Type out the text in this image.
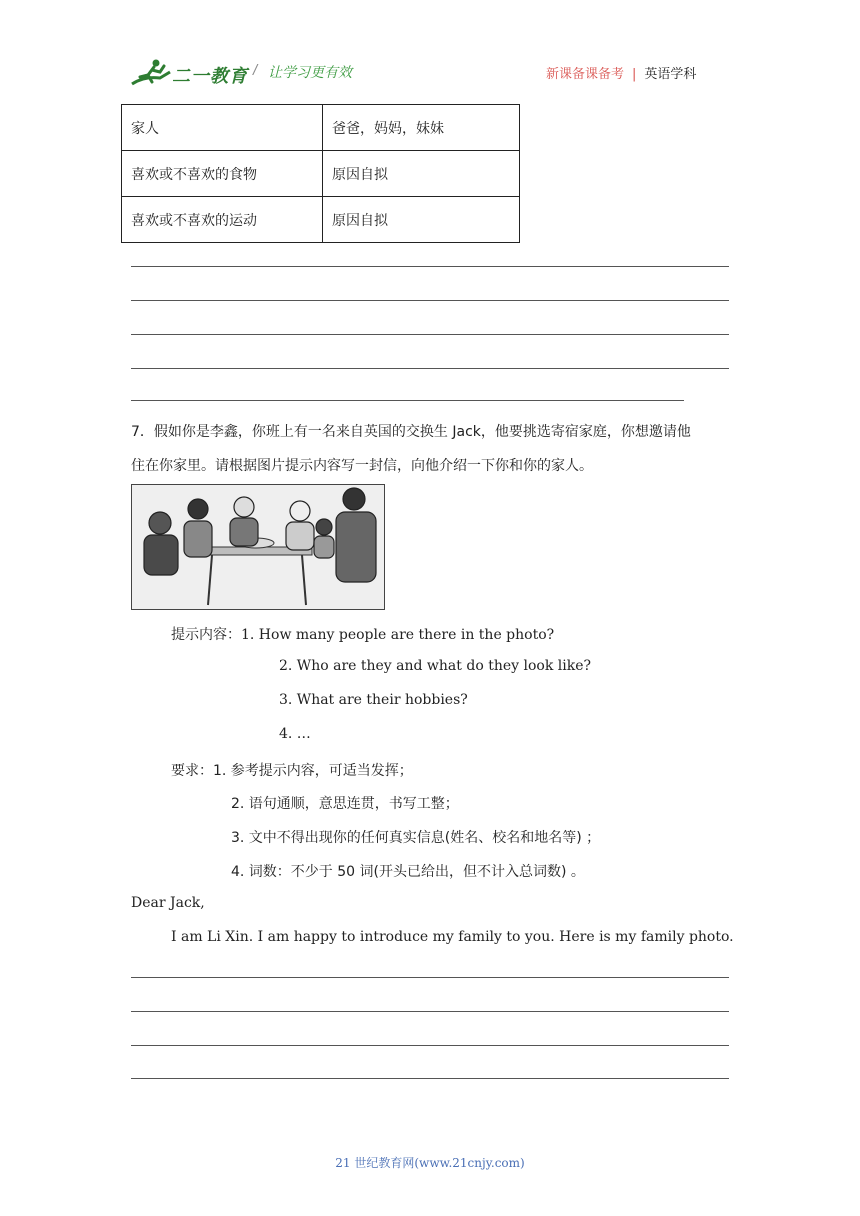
二一教育 / 让学习更有效	新课备课备考 | 英语学科
家人	爸爸，妈妈，妹妹
喜欢或不喜欢的食物	原因自拟
喜欢或不喜欢的运动	原因自拟
7．假如你是李鑫，你班上有一名来自英国的交换生 Jack，他要挑选寄宿家庭，你想邀请他
住在你家里。请根据图片提示内容写一封信，向他介绍一下你和你的家人。
提示内容：1. How many people are there in the photo?
2. Who are they and what do they look like?
3. What are their hobbies?
4. …
要求：1. 参考提示内容，可适当发挥；
2. 语句通顺，意思连贯，书写工整；
3. 文中不得出现你的任何真实信息(姓名、校名和地名等) ；
4. 词数：不少于 50 词(开头已给出，但不计入总词数) 。
Dear Jack,
I am Li Xin. I am happy to introduce my family to you. Here is my family photo.
21 世纪教育网(www.21cnjy.com)
